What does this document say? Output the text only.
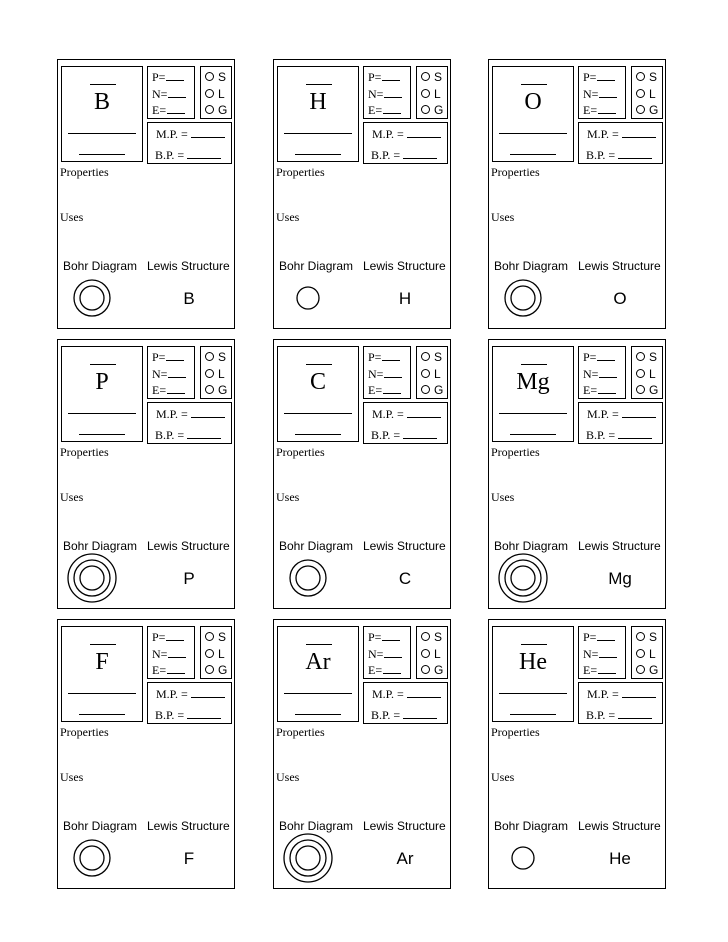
B
P=
N=
E=
S
L
G
M.P. =
B.P. =
Properties
Uses
Bohr Diagram Lewis Structure
B
H
P=
N=
E=
S
L
G
M.P. =
B.P. =
Properties
Uses
Bohr Diagram Lewis Structure
H
O
P=
N=
E=
S
L
G
M.P. =
B.P. =
Properties
Uses
Bohr Diagram Lewis Structure
O
P
P=
N=
E=
S
L
G
M.P. =
B.P. =
Properties
Uses
Bohr Diagram Lewis Structure
P
C
P=
N=
E=
S
L
G
M.P. =
B.P. =
Properties
Uses
Bohr Diagram Lewis Structure
C
Mg
P=
N=
E=
S
L
G
M.P. =
B.P. =
Properties
Uses
Bohr Diagram Lewis Structure
Mg
F
P=
N=
E=
S
L
G
M.P. =
B.P. =
Properties
Uses
Bohr Diagram Lewis Structure
F
Ar
P=
N=
E=
S
L
G
M.P. =
B.P. =
Properties
Uses
Bohr Diagram Lewis Structure
Ar
He
P=
N=
E=
S
L
G
M.P. =
B.P. =
Properties
Uses
Bohr Diagram Lewis Structure
He
